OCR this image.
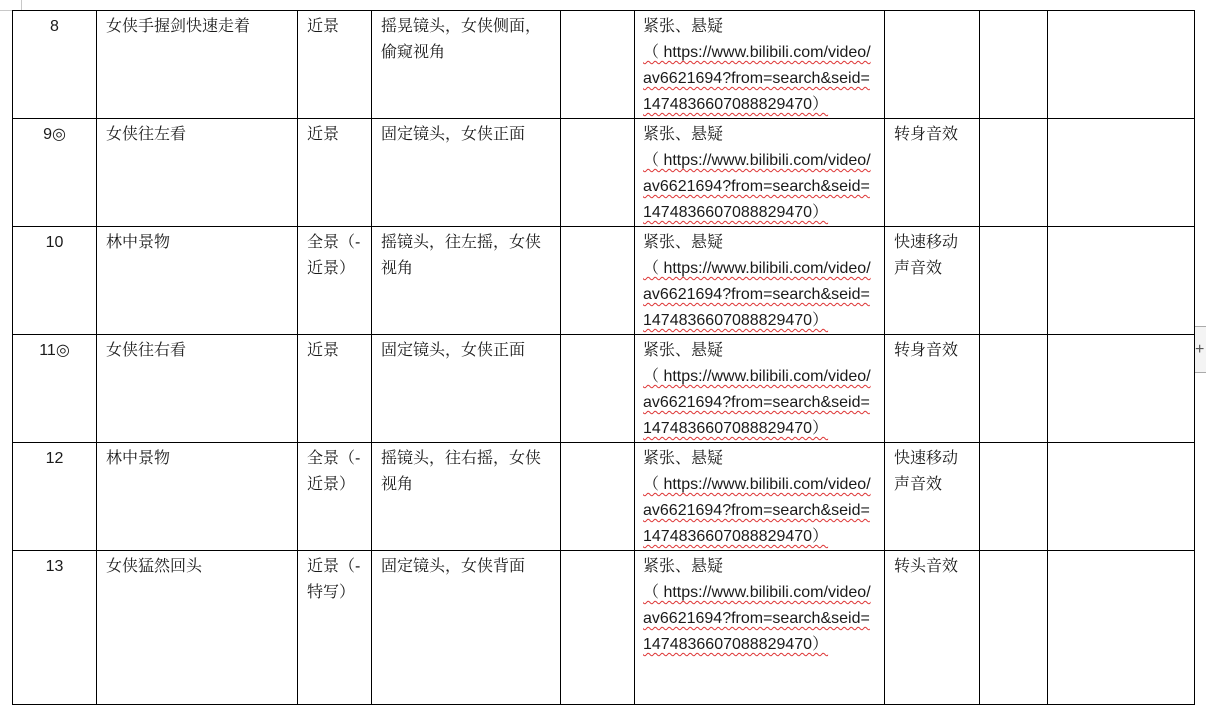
8	女侠手握剑快速走着	近景	摇晃镜头，女侠侧面，偷窥视角		紧张、悬疑
（ https://www.bilibili.com/video/av6621694?from=search&seid=1474836607088829470）			

9◎	女侠往左看	近景	固定镜头，女侠正面		紧张、悬疑
（ https://www.bilibili.com/video/av6621694?from=search&seid=1474836607088829470）	转身音效		
10	林中景物	全景（-近景）	摇镜头，往左摇，女侠视角		紧张、悬疑
（ https://www.bilibili.com/video/av6621694?from=search&seid=1474836607088829470）	快速移动声音效		
11◎	女侠往右看	近景	固定镜头，女侠正面		紧张、悬疑
（ https://www.bilibili.com/video/av6621694?from=search&seid=1474836607088829470）	转身音效		
12	林中景物	全景（-近景）	摇镜头，往右摇，女侠视角		紧张、悬疑
（ https://www.bilibili.com/video/av6621694?from=search&seid=1474836607088829470）	快速移动声音效		
13	女侠猛然回头	近景（-特写）	固定镜头，女侠背面		紧张、悬疑
（ https://www.bilibili.com/video/av6621694?from=search&seid=1474836607088829470）	转头音效		
+
